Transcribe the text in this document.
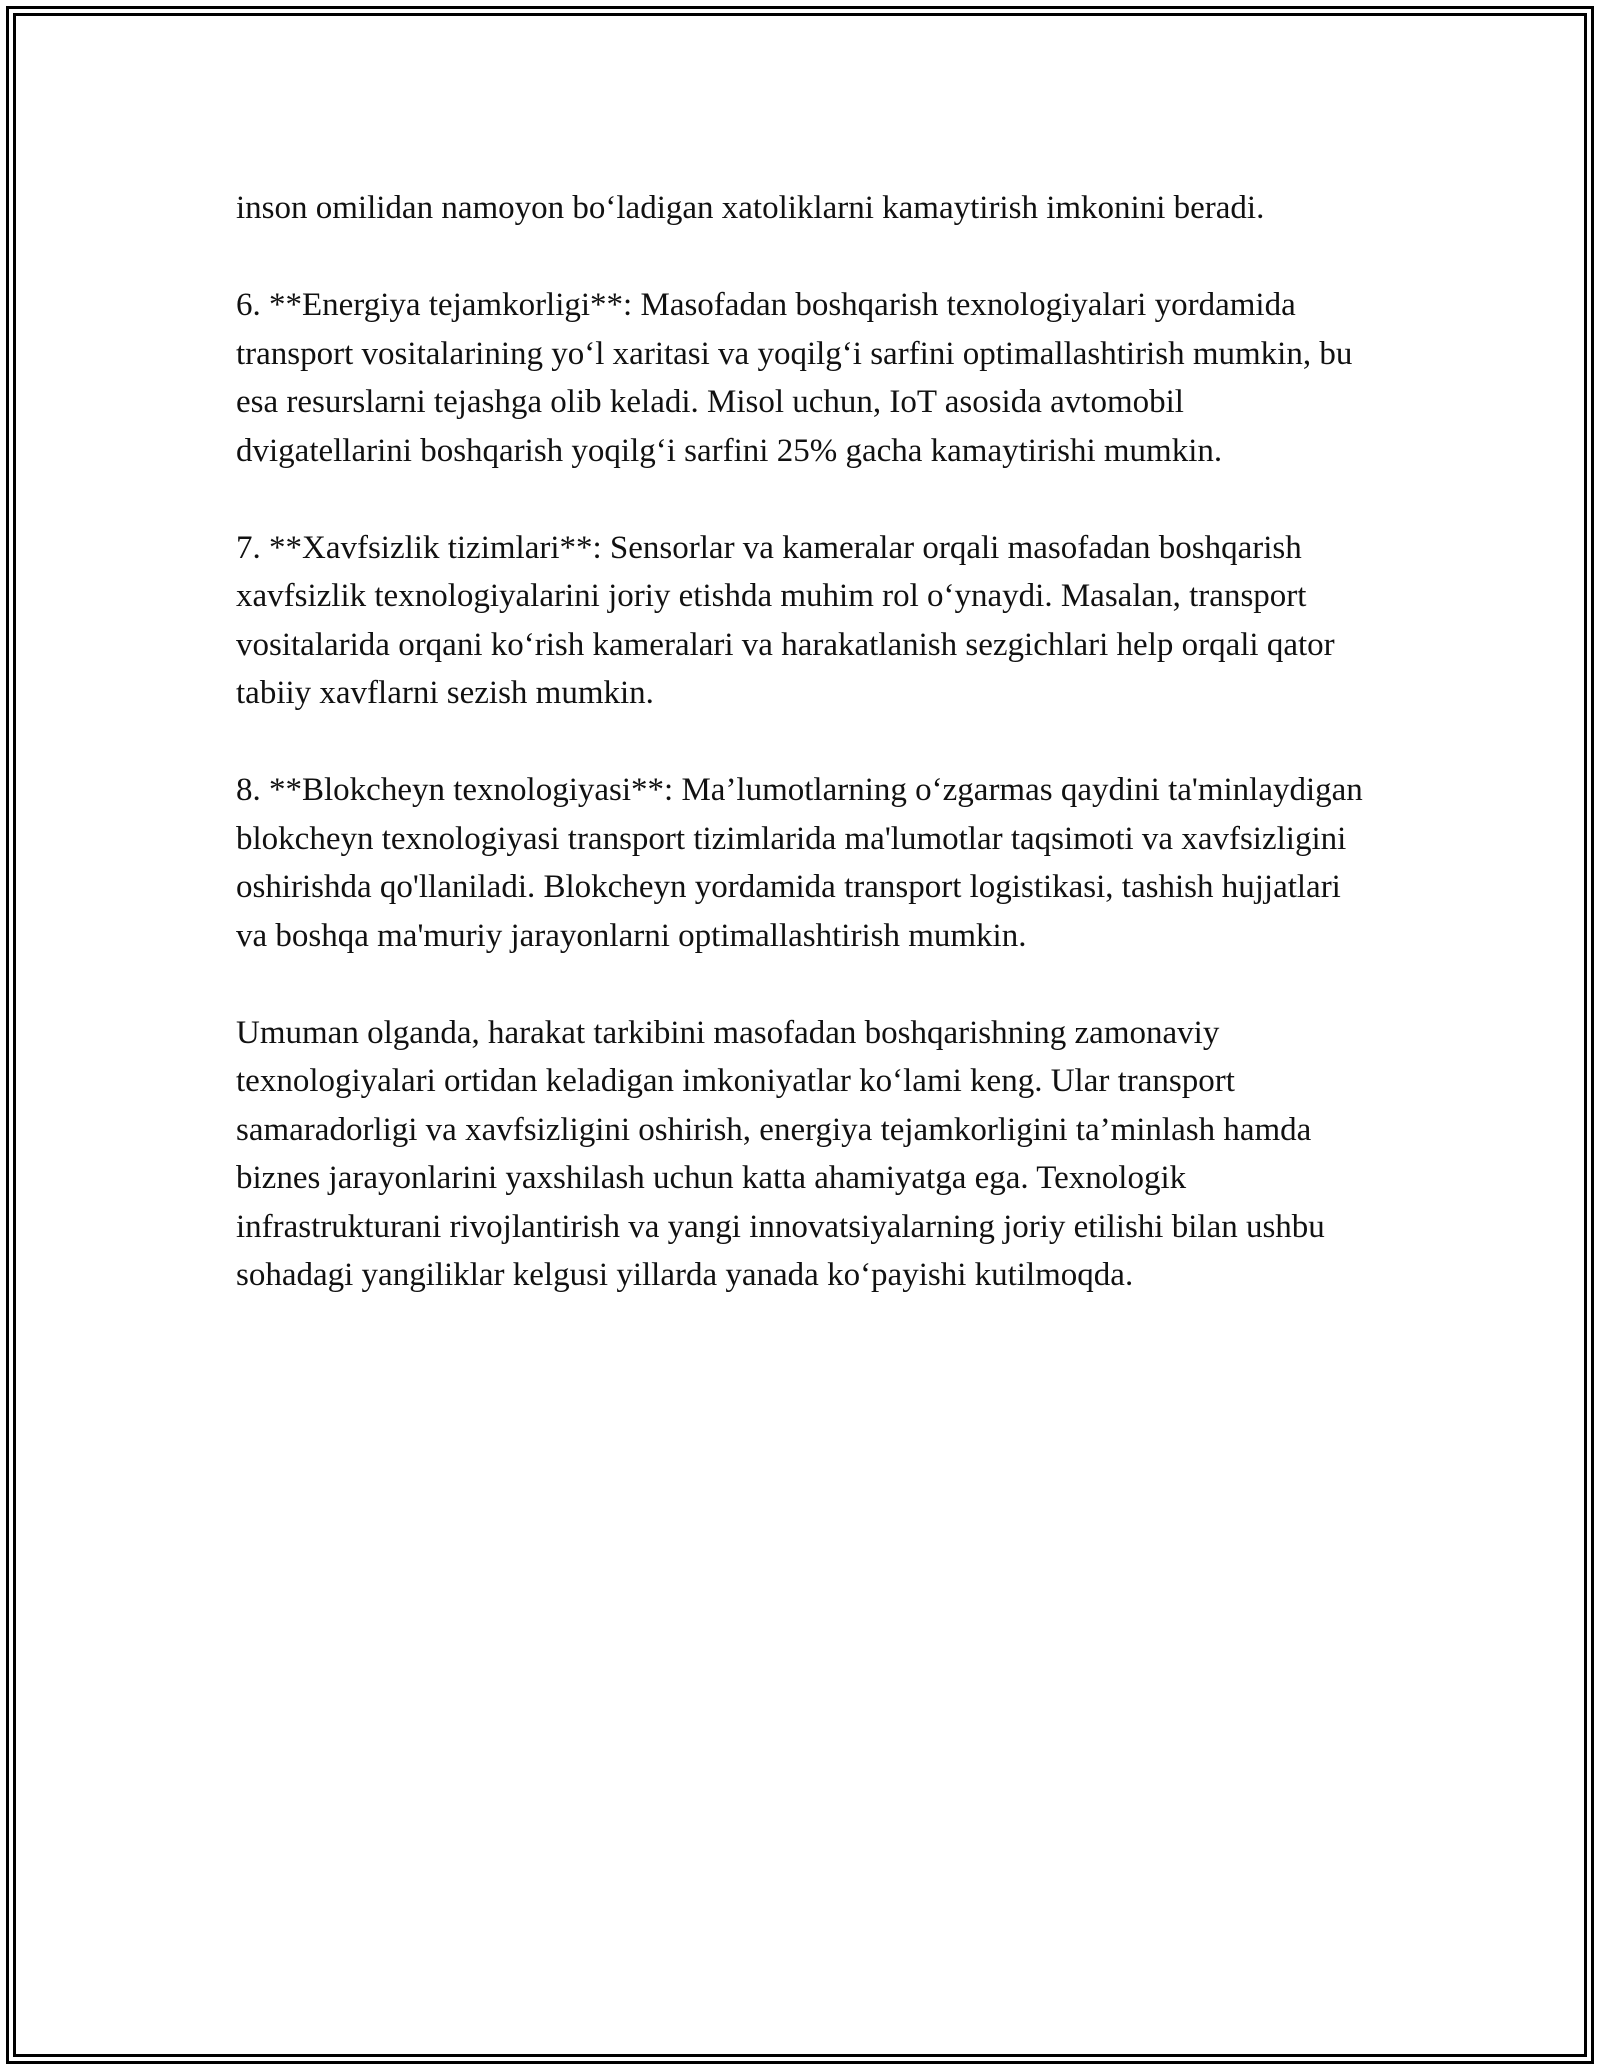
inson omilidan namoyon bo‘ladigan xatoliklarni kamaytirish imkonini beradi.

6. **Energiya tejamkorligi**: Masofadan boshqarish texnologiyalari yordamida transport vositalarining yo‘l xaritasi va yoqilg‘i sarfini optimallashtirish mumkin, bu esa resurslarni tejashga olib keladi. Misol uchun, IoT asosida avtomobil dvigatellarini boshqarish yoqilg‘i sarfini 25% gacha kamaytirishi mumkin.

7. **Xavfsizlik tizimlari**: Sensorlar va kameralar orqali masofadan boshqarish xavfsizlik texnologiyalarini joriy etishda muhim rol o‘ynaydi. Masalan, transport vositalarida orqani ko‘rish kameralari va harakatlanish sezgichlari help orqali qator tabiiy xavflarni sezish mumkin.

8. **Blokcheyn texnologiyasi**: Ma’lumotlarning o‘zgarmas qaydini ta'minlaydigan blokcheyn texnologiyasi transport tizimlarida ma'lumotlar taqsimoti va xavfsizligini oshirishda qo'llaniladi. Blokcheyn yordamida transport logistikasi, tashish hujjatlari va boshqa ma'muriy jarayonlarni optimallashtirish mumkin.

Umuman olganda, harakat tarkibini masofadan boshqarishning zamonaviy texnologiyalari ortidan keladigan imkoniyatlar ko‘lami keng. Ular transport samaradorligi va xavfsizligini oshirish, energiya tejamkorligini ta’minlash hamda biznes jarayonlarini yaxshilash uchun katta ahamiyatga ega. Texnologik infrastrukturani rivojlantirish va yangi innovatsiyalarning joriy etilishi bilan ushbu sohadagi yangiliklar kelgusi yillarda yanada ko‘payishi kutilmoqda.
